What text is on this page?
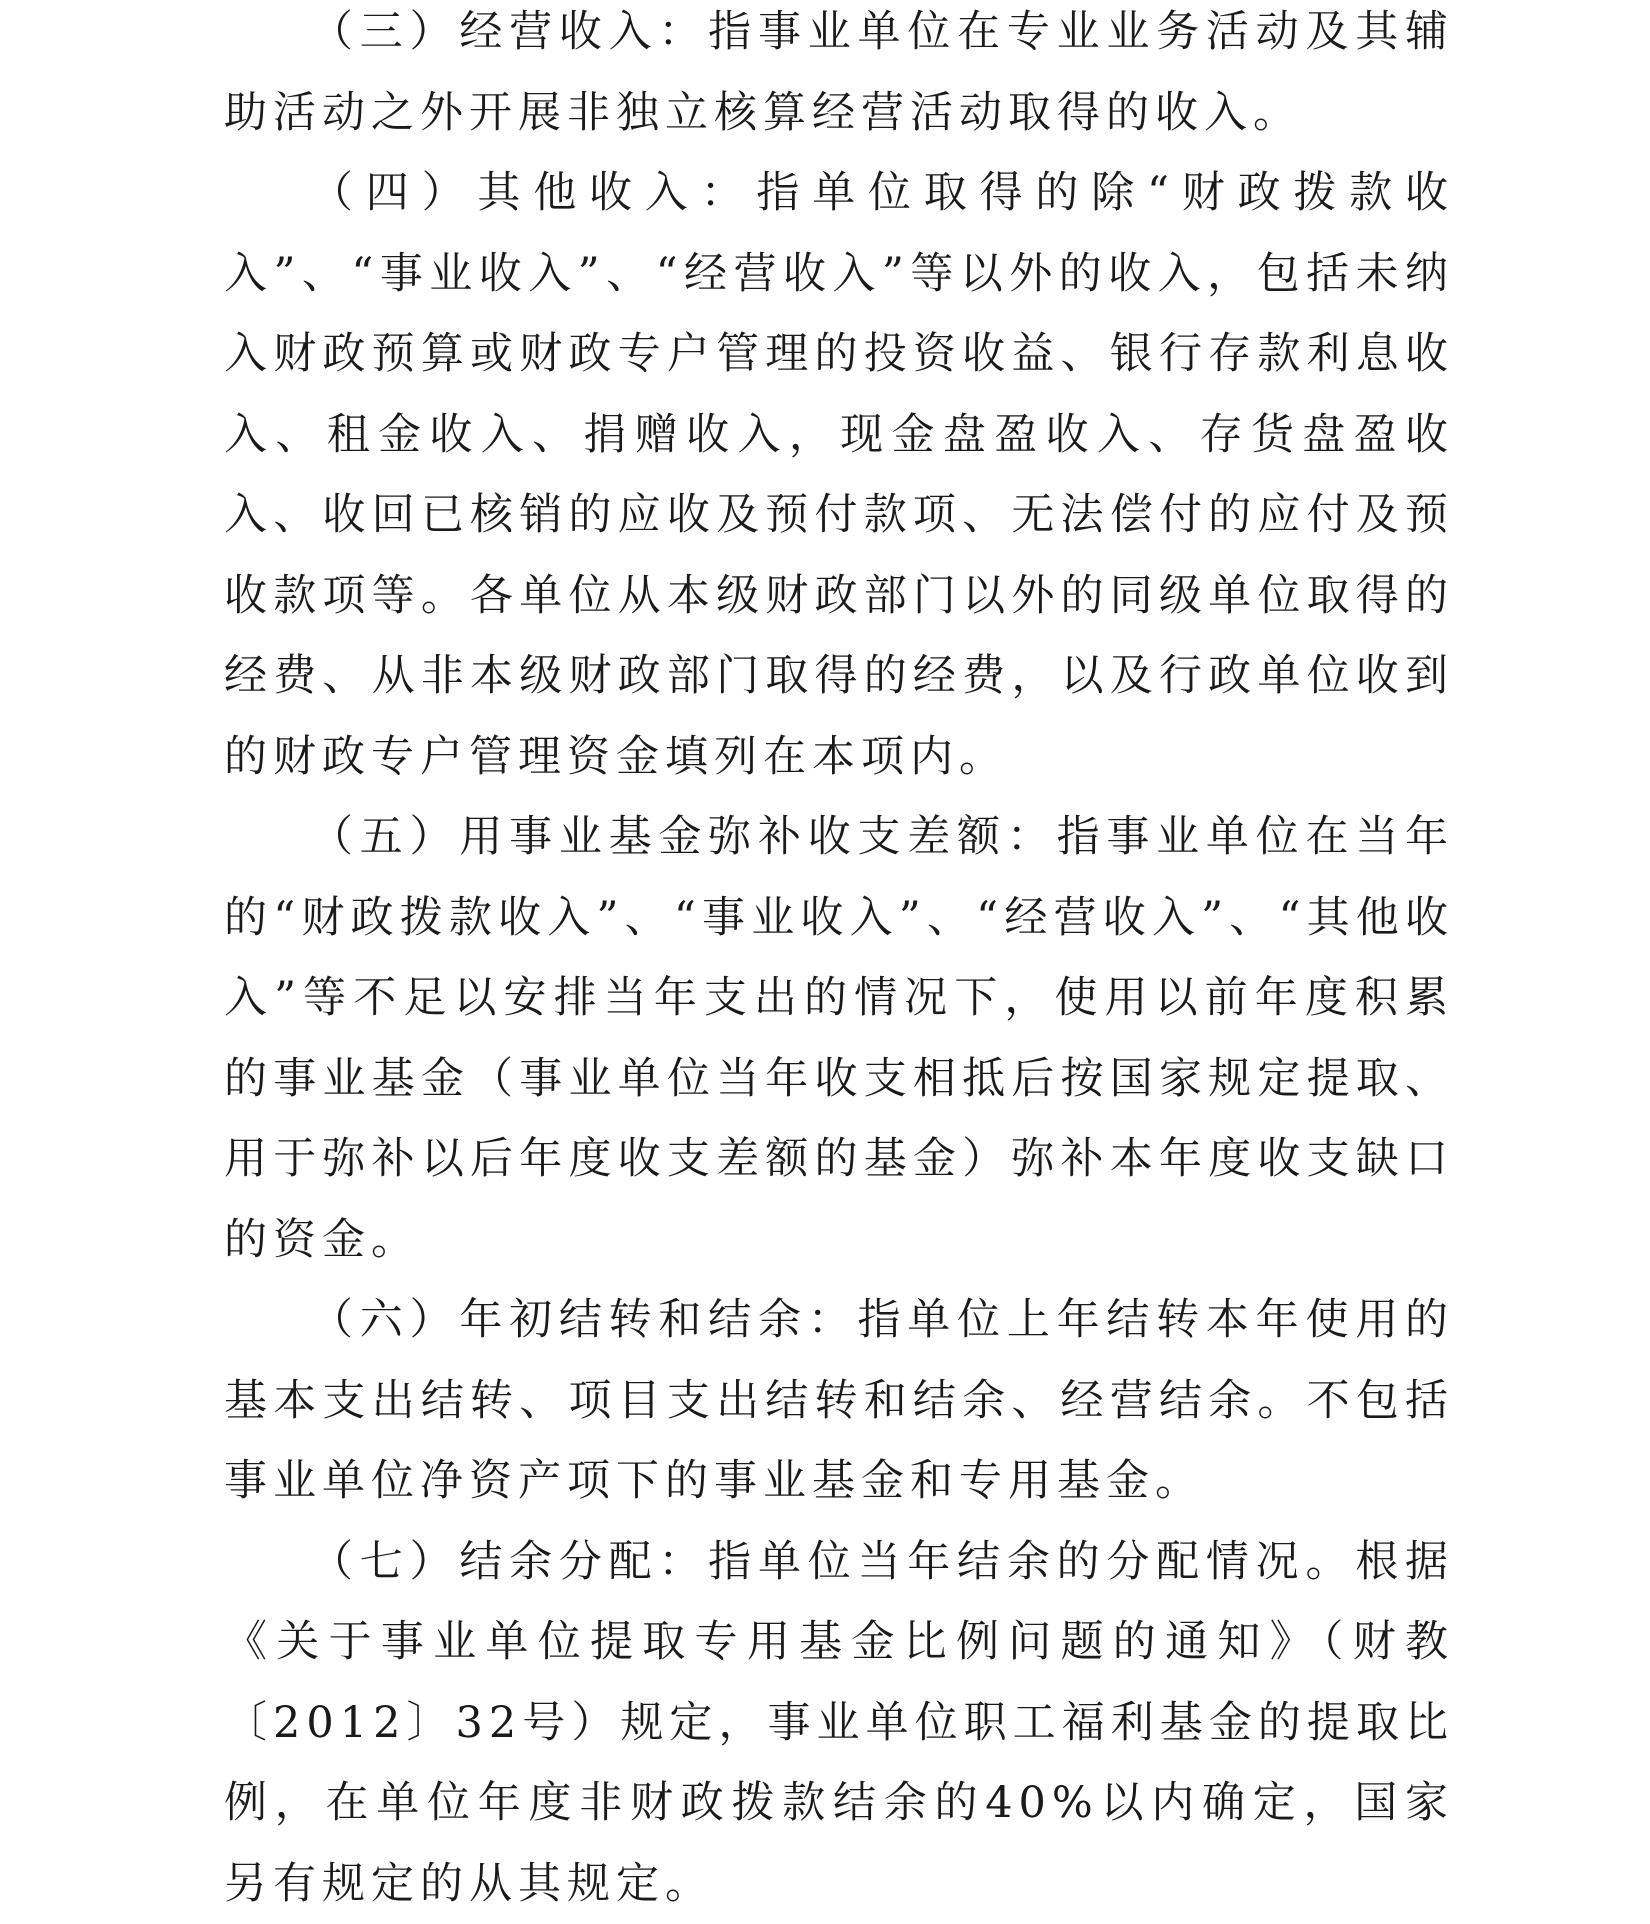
（三）经营收入：指事业单位在专业业务活动及其辅助活动之外开展非独立核算经营活动取得的收入。

（四）其他收入：指单位取得的除“财政拨款收入”、“事业收入”、“经营收入”等以外的收入，包括未纳入财政预算或财政专户管理的投资收益、银行存款利息收入、租金收入、捐赠收入，现金盘盈收入、存货盘盈收入、收回已核销的应收及预付款项、无法偿付的应付及预收款项等。各单位从本级财政部门以外的同级单位取得的经费、从非本级财政部门取得的经费，以及行政单位收到的财政专户管理资金填列在本项内。

（五）用事业基金弥补收支差额：指事业单位在当年的“财政拨款收入”、“事业收入”、“经营收入”、“其他收入”等不足以安排当年支出的情况下，使用以前年度积累的事业基金（事业单位当年收支相抵后按国家规定提取、用于弥补以后年度收支差额的基金）弥补本年度收支缺口的资金。

（六）年初结转和结余：指单位上年结转本年使用的基本支出结转、项目支出结转和结余、经营结余。不包括事业单位净资产项下的事业基金和专用基金。

（七）结余分配：指单位当年结余的分配情况。根据《关于事业单位提取专用基金比例问题的通知》（财教〔2012〕32号）规定，事业单位职工福利基金的提取比例，在单位年度非财政拨款结余的40%以内确定，国家另有规定的从其规定。
